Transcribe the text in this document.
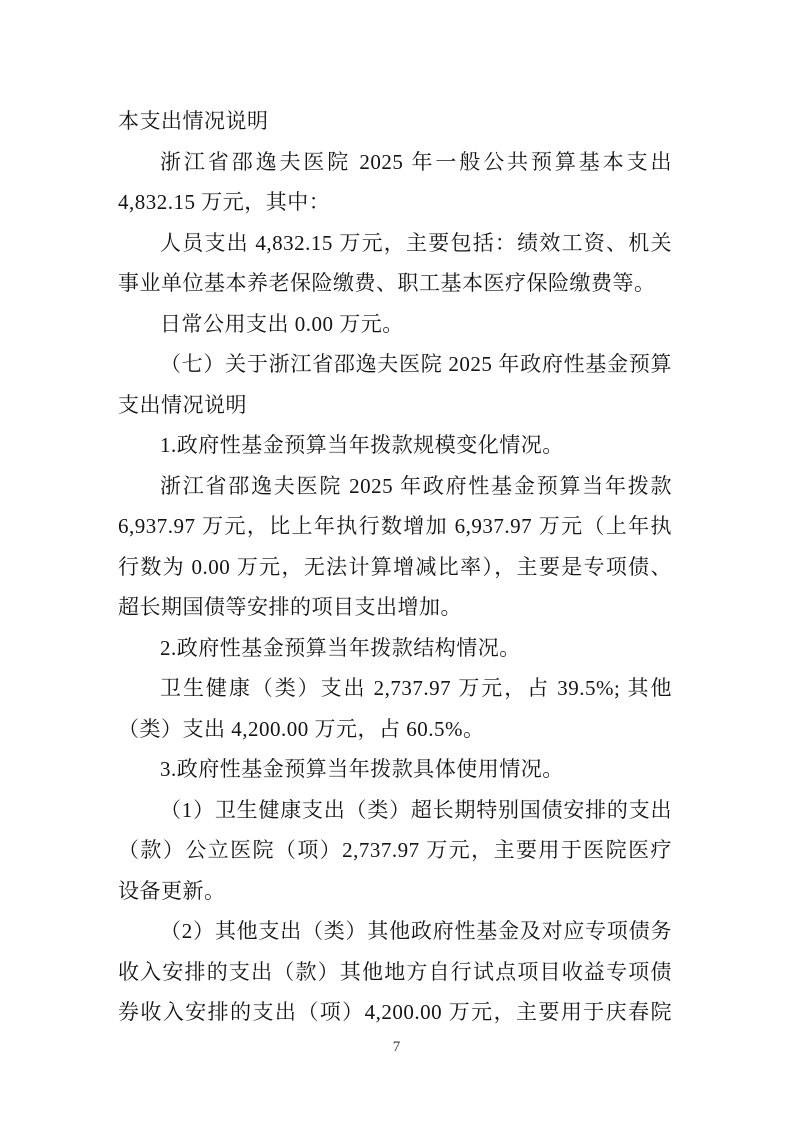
本支出情况说明
浙江省邵逸夫医院 2025 年一般公共预算基本支出
4,832.15 万元，其中：
人员支出 4,832.15 万元，主要包括：绩效工资、机关
事业单位基本养老保险缴费、职工基本医疗保险缴费等。
日常公用支出 0.00 万元。
（七）关于浙江省邵逸夫医院 2025 年政府性基金预算
支出情况说明
1.政府性基金预算当年拨款规模变化情况。
浙江省邵逸夫医院 2025 年政府性基金预算当年拨款
6,937.97 万元，比上年执行数增加 6,937.97 万元（上年执
行数为 0.00 万元，无法计算增减比率），主要是专项债、
超长期国债等安排的项目支出增加。
2.政府性基金预算当年拨款结构情况。
卫生健康（类）支出 2,737.97 万元，占 39.5%; 其他
（类）支出 4,200.00 万元，占 60.5%。
3.政府性基金预算当年拨款具体使用情况。
（1）卫生健康支出（类）超长期特别国债安排的支出
（款）公立医院（项）2,737.97 万元，主要用于医院医疗
设备更新。
（2）其他支出（类）其他政府性基金及对应专项债务
收入安排的支出（款）其他地方自行试点项目收益专项债
券收入安排的支出（项）4,200.00 万元，主要用于庆春院
7
